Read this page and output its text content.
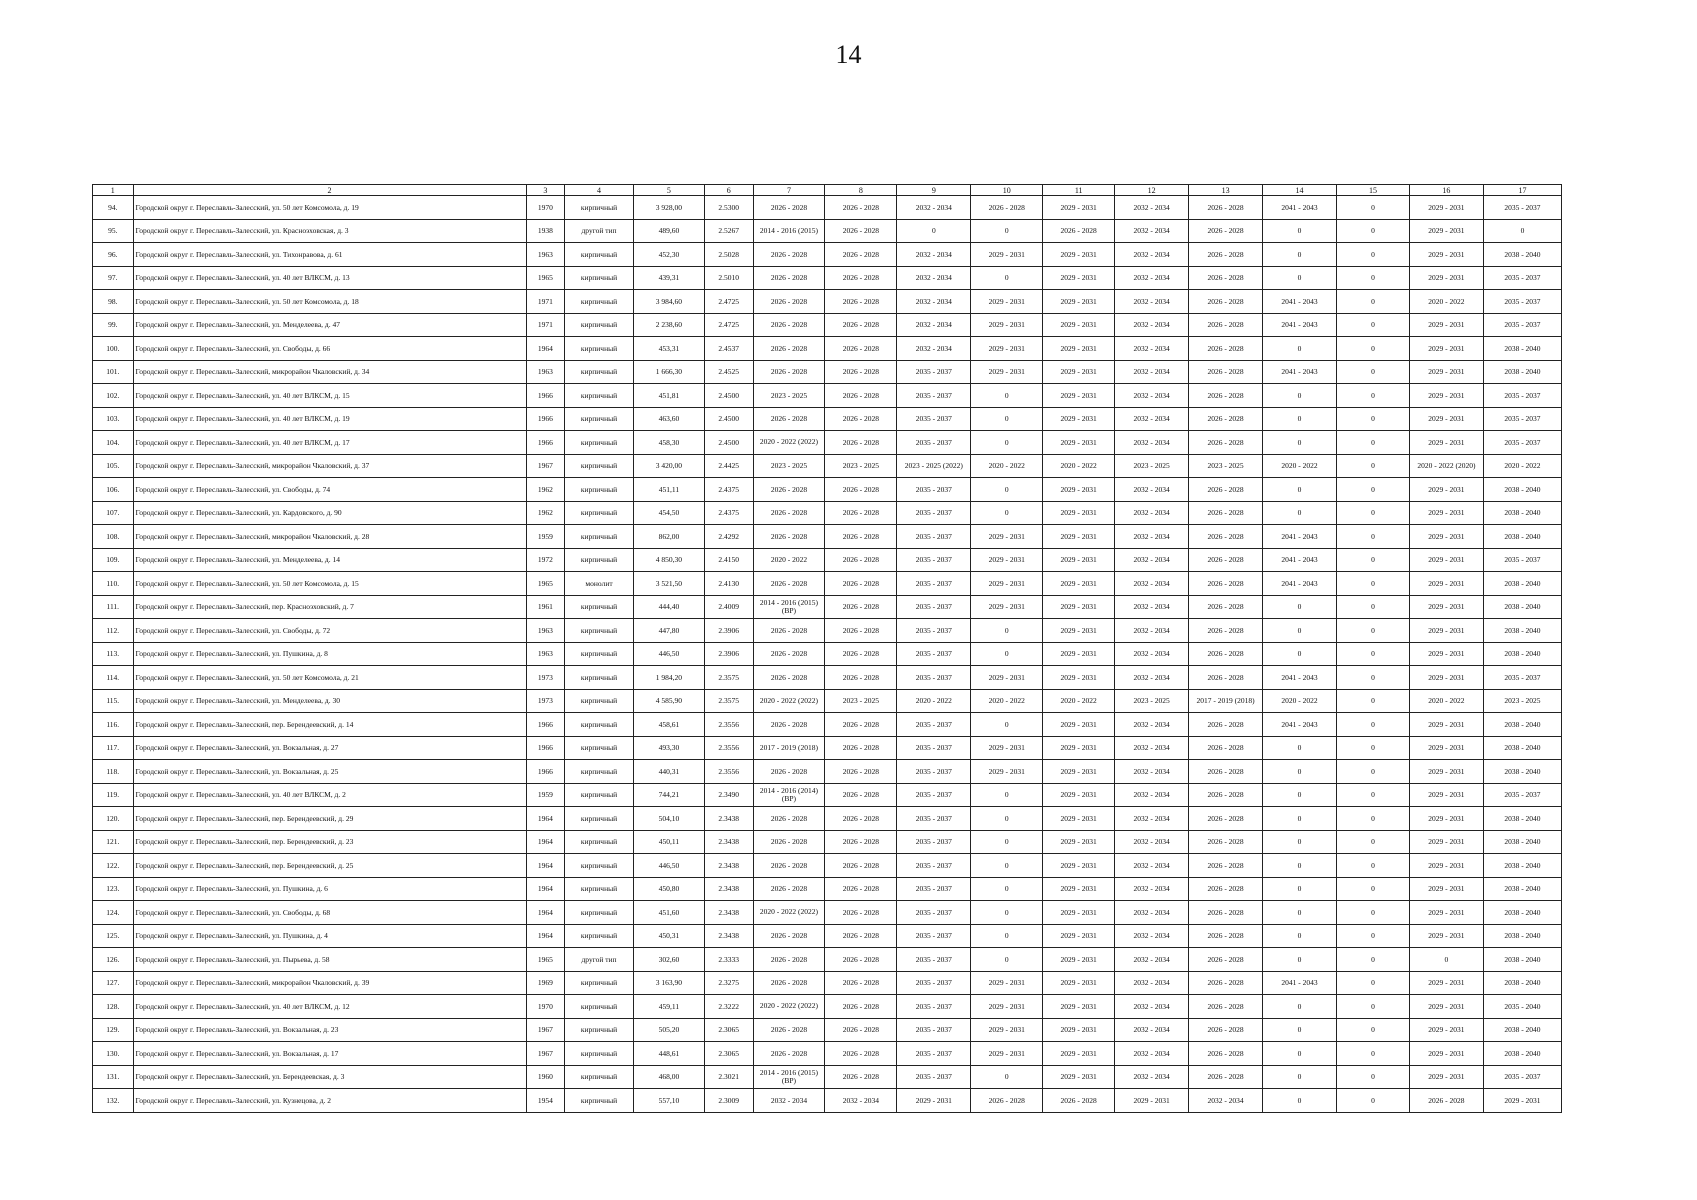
14
1	2	3	4	5	6	7	8	9	10	11	12	13	14	15	16	17
94.	Городской округ г. Переславль-Залесский, ул. 50 лет Комсомола, д. 19	1970	кирпичный	3 928,00	2.5300	2026 - 2028	2026 - 2028	2032 - 2034	2026 - 2028	2029 - 2031	2032 - 2034	2026 - 2028	2041 - 2043	0	2029 - 2031	2035 - 2037
95.	Городской округ г. Переславль-Залесский, ул. Красноэховская, д. 3	1938	другой тип	489,60	2.5267	2014 - 2016 (2015)	2026 - 2028	0	0	2026 - 2028	2032 - 2034	2026 - 2028	0	0	2029 - 2031	0
96.	Городской округ г. Переславль-Залесский, ул. Тихонравова, д. 61	1963	кирпичный	452,30	2.5028	2026 - 2028	2026 - 2028	2032 - 2034	2029 - 2031	2029 - 2031	2032 - 2034	2026 - 2028	0	0	2029 - 2031	2038 - 2040
97.	Городской округ г. Переславль-Залесский, ул. 40 лет ВЛКСМ, д. 13	1965	кирпичный	439,31	2.5010	2026 - 2028	2026 - 2028	2032 - 2034	0	2029 - 2031	2032 - 2034	2026 - 2028	0	0	2029 - 2031	2035 - 2037
98.	Городской округ г. Переславль-Залесский, ул. 50 лет Комсомола, д. 18	1971	кирпичный	3 984,60	2.4725	2026 - 2028	2026 - 2028	2032 - 2034	2029 - 2031	2029 - 2031	2032 - 2034	2026 - 2028	2041 - 2043	0	2020 - 2022	2035 - 2037
99.	Городской округ г. Переславль-Залесский, ул. Менделеева, д. 47	1971	кирпичный	2 238,60	2.4725	2026 - 2028	2026 - 2028	2032 - 2034	2029 - 2031	2029 - 2031	2032 - 2034	2026 - 2028	2041 - 2043	0	2029 - 2031	2035 - 2037
100.	Городской округ г. Переславль-Залесский, ул. Свободы, д. 66	1964	кирпичный	453,31	2.4537	2026 - 2028	2026 - 2028	2032 - 2034	2029 - 2031	2029 - 2031	2032 - 2034	2026 - 2028	0	0	2029 - 2031	2038 - 2040
101.	Городской округ г. Переславль-Залесский, микрорайон Чкаловский, д. 34	1963	кирпичный	1 666,30	2.4525	2026 - 2028	2026 - 2028	2035 - 2037	2029 - 2031	2029 - 2031	2032 - 2034	2026 - 2028	2041 - 2043	0	2029 - 2031	2038 - 2040
102.	Городской округ г. Переславль-Залесский, ул. 40 лет ВЛКСМ, д. 15	1966	кирпичный	451,81	2.4500	2023 - 2025	2026 - 2028	2035 - 2037	0	2029 - 2031	2032 - 2034	2026 - 2028	0	0	2029 - 2031	2035 - 2037
103.	Городской округ г. Переславль-Залесский, ул. 40 лет ВЛКСМ, д. 19	1966	кирпичный	463,60	2.4500	2026 - 2028	2026 - 2028	2035 - 2037	0	2029 - 2031	2032 - 2034	2026 - 2028	0	0	2029 - 2031	2035 - 2037
104.	Городской округ г. Переславль-Залесский, ул. 40 лет ВЛКСМ, д. 17	1966	кирпичный	458,30	2.4500	2020 - 2022 (2022)	2026 - 2028	2035 - 2037	0	2029 - 2031	2032 - 2034	2026 - 2028	0	0	2029 - 2031	2035 - 2037
105.	Городской округ г. Переславль-Залесский, микрорайон Чкаловский, д. 37	1967	кирпичный	3 420,00	2.4425	2023 - 2025	2023 - 2025	2023 - 2025 (2022)	2020 - 2022	2020 - 2022	2023 - 2025	2023 - 2025	2020 - 2022	0	2020 - 2022 (2020)	2020 - 2022
106.	Городской округ г. Переславль-Залесский, ул. Свободы, д. 74	1962	кирпичный	451,11	2.4375	2026 - 2028	2026 - 2028	2035 - 2037	0	2029 - 2031	2032 - 2034	2026 - 2028	0	0	2029 - 2031	2038 - 2040
107.	Городской округ г. Переславль-Залесский, ул. Кардовского, д. 90	1962	кирпичный	454,50	2.4375	2026 - 2028	2026 - 2028	2035 - 2037	0	2029 - 2031	2032 - 2034	2026 - 2028	0	0	2029 - 2031	2038 - 2040
108.	Городской округ г. Переславль-Залесский, микрорайон Чкаловский, д. 28	1959	кирпичный	862,00	2.4292	2026 - 2028	2026 - 2028	2035 - 2037	2029 - 2031	2029 - 2031	2032 - 2034	2026 - 2028	2041 - 2043	0	2029 - 2031	2038 - 2040
109.	Городской округ г. Переславль-Залесский, ул. Менделеева, д. 14	1972	кирпичный	4 850,30	2.4150	2020 - 2022	2026 - 2028	2035 - 2037	2029 - 2031	2029 - 2031	2032 - 2034	2026 - 2028	2041 - 2043	0	2029 - 2031	2035 - 2037
110.	Городской округ г. Переславль-Залесский, ул. 50 лет Комсомола, д. 15	1965	монолит	3 521,50	2.4130	2026 - 2028	2026 - 2028	2035 - 2037	2029 - 2031	2029 - 2031	2032 - 2034	2026 - 2028	2041 - 2043	0	2029 - 2031	2038 - 2040
111.	Городской округ г. Переславль-Залесский, пер. Красноэховский, д. 7	1961	кирпичный	444,40	2.4009	2014 - 2016 (2015) (ВР)	2026 - 2028	2035 - 2037	2029 - 2031	2029 - 2031	2032 - 2034	2026 - 2028	0	0	2029 - 2031	2038 - 2040
112.	Городской округ г. Переславль-Залесский, ул. Свободы, д. 72	1963	кирпичный	447,80	2.3906	2026 - 2028	2026 - 2028	2035 - 2037	0	2029 - 2031	2032 - 2034	2026 - 2028	0	0	2029 - 2031	2038 - 2040
113.	Городской округ г. Переславль-Залесский, ул. Пушкина, д. 8	1963	кирпичный	446,50	2.3906	2026 - 2028	2026 - 2028	2035 - 2037	0	2029 - 2031	2032 - 2034	2026 - 2028	0	0	2029 - 2031	2038 - 2040
114.	Городской округ г. Переславль-Залесский, ул. 50 лет Комсомола, д. 21	1973	кирпичный	1 984,20	2.3575	2026 - 2028	2026 - 2028	2035 - 2037	2029 - 2031	2029 - 2031	2032 - 2034	2026 - 2028	2041 - 2043	0	2029 - 2031	2035 - 2037
115.	Городской округ г. Переславль-Залесский, ул. Менделеева, д. 30	1973	кирпичный	4 585,90	2.3575	2020 - 2022 (2022)	2023 - 2025	2020 - 2022	2020 - 2022	2020 - 2022	2023 - 2025	2017 - 2019 (2018)	2020 - 2022	0	2020 - 2022	2023 - 2025
116.	Городской округ г. Переславль-Залесский, пер. Берендеевский, д. 14	1966	кирпичный	458,61	2.3556	2026 - 2028	2026 - 2028	2035 - 2037	0	2029 - 2031	2032 - 2034	2026 - 2028	2041 - 2043	0	2029 - 2031	2038 - 2040
117.	Городской округ г. Переславль-Залесский, ул. Вокзальная, д. 27	1966	кирпичный	493,30	2.3556	2017 - 2019 (2018)	2026 - 2028	2035 - 2037	2029 - 2031	2029 - 2031	2032 - 2034	2026 - 2028	0	0	2029 - 2031	2038 - 2040
118.	Городской округ г. Переславль-Залесский, ул. Вокзальная, д. 25	1966	кирпичный	440,31	2.3556	2026 - 2028	2026 - 2028	2035 - 2037	2029 - 2031	2029 - 2031	2032 - 2034	2026 - 2028	0	0	2029 - 2031	2038 - 2040
119.	Городской округ г. Переславль-Залесский, ул. 40 лет ВЛКСМ, д. 2	1959	кирпичный	744,21	2.3490	2014 - 2016 (2014) (ВР)	2026 - 2028	2035 - 2037	0	2029 - 2031	2032 - 2034	2026 - 2028	0	0	2029 - 2031	2035 - 2037
120.	Городской округ г. Переславль-Залесский, пер. Берендеевский, д. 29	1964	кирпичный	504,10	2.3438	2026 - 2028	2026 - 2028	2035 - 2037	0	2029 - 2031	2032 - 2034	2026 - 2028	0	0	2029 - 2031	2038 - 2040
121.	Городской округ г. Переславль-Залесский, пер. Берендеевский, д. 23	1964	кирпичный	450,11	2.3438	2026 - 2028	2026 - 2028	2035 - 2037	0	2029 - 2031	2032 - 2034	2026 - 2028	0	0	2029 - 2031	2038 - 2040
122.	Городской округ г. Переславль-Залесский, пер. Берендеевский, д. 25	1964	кирпичный	446,50	2.3438	2026 - 2028	2026 - 2028	2035 - 2037	0	2029 - 2031	2032 - 2034	2026 - 2028	0	0	2029 - 2031	2038 - 2040
123.	Городской округ г. Переславль-Залесский, ул. Пушкина, д. 6	1964	кирпичный	450,80	2.3438	2026 - 2028	2026 - 2028	2035 - 2037	0	2029 - 2031	2032 - 2034	2026 - 2028	0	0	2029 - 2031	2038 - 2040
124.	Городской округ г. Переславль-Залесский, ул. Свободы, д. 68	1964	кирпичный	451,60	2.3438	2020 - 2022 (2022)	2026 - 2028	2035 - 2037	0	2029 - 2031	2032 - 2034	2026 - 2028	0	0	2029 - 2031	2038 - 2040
125.	Городской округ г. Переславль-Залесский, ул. Пушкина, д. 4	1964	кирпичный	450,31	2.3438	2026 - 2028	2026 - 2028	2035 - 2037	0	2029 - 2031	2032 - 2034	2026 - 2028	0	0	2029 - 2031	2038 - 2040
126.	Городской округ г. Переславль-Залесский, ул. Пырьева, д. 58	1965	другой тип	302,60	2.3333	2026 - 2028	2026 - 2028	2035 - 2037	0	2029 - 2031	2032 - 2034	2026 - 2028	0	0	0	2038 - 2040
127.	Городской округ г. Переславль-Залесский, микрорайон Чкаловский, д. 39	1969	кирпичный	3 163,90	2.3275	2026 - 2028	2026 - 2028	2035 - 2037	2029 - 2031	2029 - 2031	2032 - 2034	2026 - 2028	2041 - 2043	0	2029 - 2031	2038 - 2040
128.	Городской округ г. Переславль-Залесский, ул. 40 лет ВЛКСМ, д. 12	1970	кирпичный	459,11	2.3222	2020 - 2022 (2022)	2026 - 2028	2035 - 2037	2029 - 2031	2029 - 2031	2032 - 2034	2026 - 2028	0	0	2029 - 2031	2035 - 2040
129.	Городской округ г. Переславль-Залесский, ул. Вокзальная, д. 23	1967	кирпичный	505,20	2.3065	2026 - 2028	2026 - 2028	2035 - 2037	2029 - 2031	2029 - 2031	2032 - 2034	2026 - 2028	0	0	2029 - 2031	2038 - 2040
130.	Городской округ г. Переславль-Залесский, ул. Вокзальная, д. 17	1967	кирпичный	448,61	2.3065	2026 - 2028	2026 - 2028	2035 - 2037	2029 - 2031	2029 - 2031	2032 - 2034	2026 - 2028	0	0	2029 - 2031	2038 - 2040
131.	Городской округ г. Переславль-Залесский, ул. Берендеевская, д. 3	1960	кирпичный	468,00	2.3021	2014 - 2016 (2015) (ВР)	2026 - 2028	2035 - 2037	0	2029 - 2031	2032 - 2034	2026 - 2028	0	0	2029 - 2031	2035 - 2037
132.	Городской округ г. Переславль-Залесский, ул. Кузнецова, д. 2	1954	кирпичный	557,10	2.3009	2032 - 2034	2032 - 2034	2029 - 2031	2026 - 2028	2026 - 2028	2029 - 2031	2032 - 2034	0	0	2026 - 2028	2029 - 2031
